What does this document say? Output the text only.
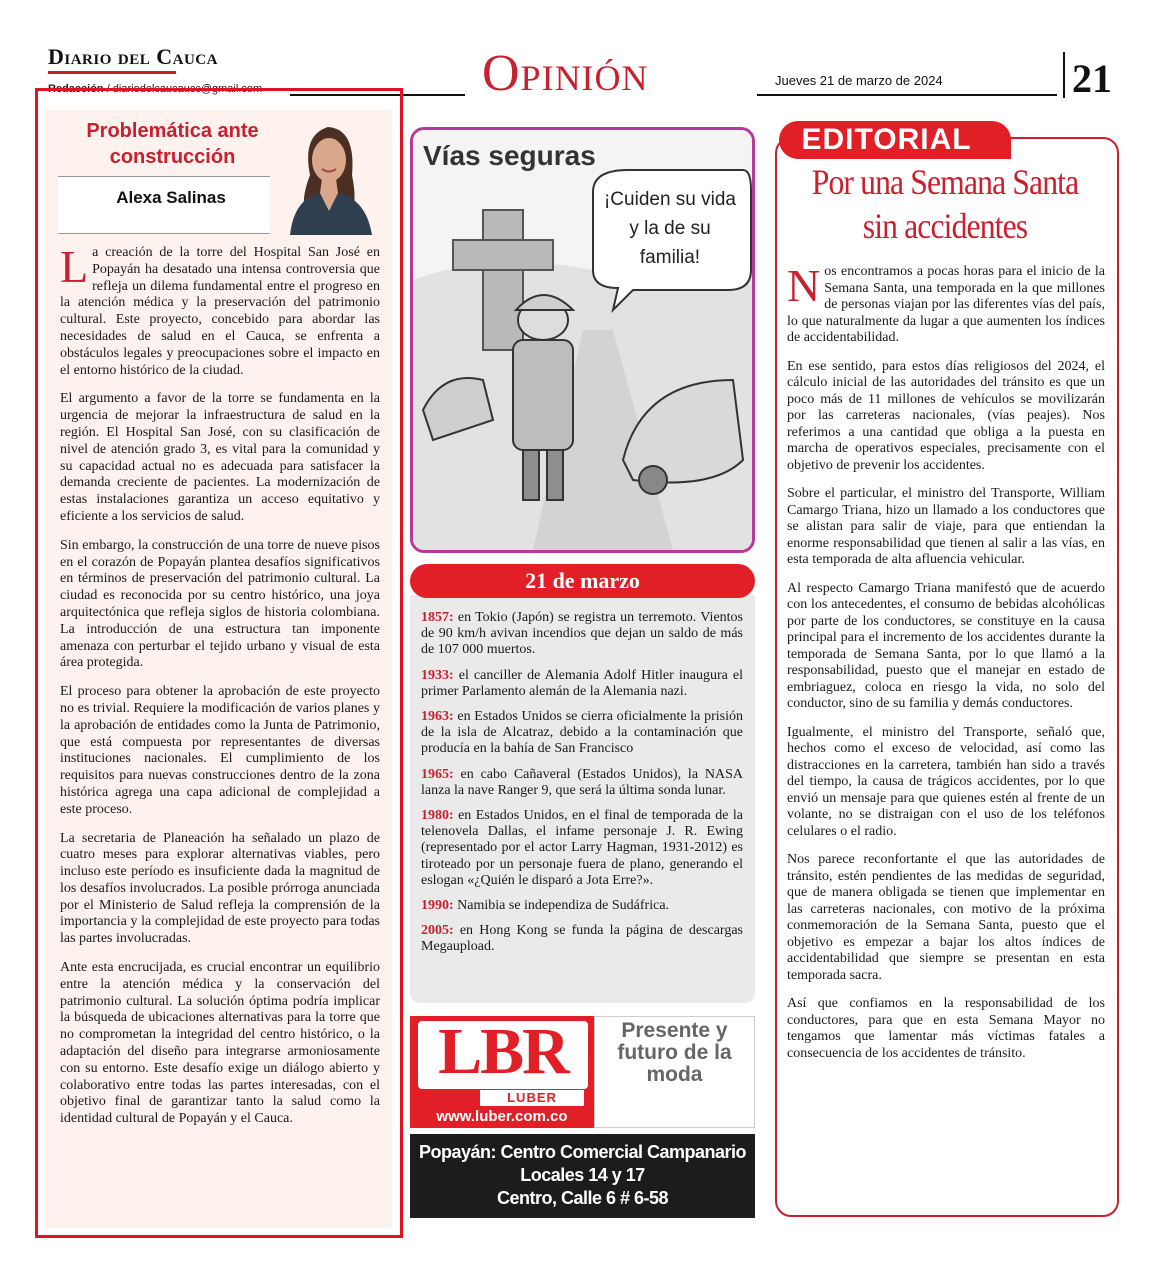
Diario del Cauca
Redacción / diariodelcaucaucc@gmail.com	Opinión	Jueves 21 de marzo de 2024	21
Problemática ante construcción
Alexa Salinas

La creación de la torre del Hospital San José en Popayán ha desatado una intensa controversia que refleja un dilema fundamental entre el progreso en la atención médica y la preservación del patrimonio cultural. Este proyecto, concebido para abordar las necesidades de salud en el Cauca, se enfrenta a obstáculos legales y preocupaciones sobre el impacto en el entorno histórico de la ciudad.

El argumento a favor de la torre se fundamenta en la urgencia de mejorar la infraestructura de salud en la región. El Hospital San José, con su clasificación de nivel de atención grado 3, es vital para la comunidad y su capacidad actual no es adecuada para satisfacer la demanda creciente de pacientes. La modernización de estas instalaciones garantiza un acceso equitativo y eficiente a los servicios de salud.

Sin embargo, la construcción de una torre de nueve pisos en el corazón de Popayán plantea desafíos significativos en términos de preservación del patrimonio cultural. La ciudad es reconocida por su centro histórico, una joya arquitectónica que refleja siglos de historia colombiana. La introducción de una estructura tan imponente amenaza con perturbar el tejido urbano y visual de esta área protegida.

El proceso para obtener la aprobación de este proyecto no es trivial. Requiere la modificación de varios planes y la aprobación de entidades como la Junta de Patrimonio, que está compuesta por representantes de diversas instituciones nacionales. El cumplimiento de los requisitos para nuevas construcciones dentro de la zona histórica agrega una capa adicional de complejidad a este proceso.

La secretaria de Planeación ha señalado un plazo de cuatro meses para explorar alternativas viables, pero incluso este período es insuficiente dada la magnitud de los desafíos involucrados. La posible prórroga anunciada por el Ministerio de Salud refleja la comprensión de la importancia y la complejidad de este proyecto para todas las partes involucradas.

Ante esta encrucijada, es crucial encontrar un equilibrio entre la atención médica y la conservación del patrimonio cultural. La solución óptima podría implicar la búsqueda de ubicaciones alternativas para la torre que no comprometan la integridad del centro histórico, o la adaptación del diseño para integrarse armoniosamente con su entorno. Este desafío exige un diálogo abierto y colaborativo entre todas las partes interesadas, con el objetivo final de garantizar tanto la salud como la identidad cultural de Popayán y el Cauca.

Vías seguras
¡Cuiden su vida y la de su familia!
21 de marzo

1857: en Tokio (Japón) se registra un terremoto. Vientos de 90 km/h avivan incendios que dejan un saldo de más de 107 000 muertos.

1933: el canciller de Alemania Adolf Hitler inaugura el primer Parlamento alemán de la Alemania nazi.

1963: en Estados Unidos se cierra oficialmente la prisión de la isla de Alcatraz, debido a la contaminación que producía en la bahía de San Francisco

1965: en cabo Cañaveral (Estados Unidos), la NASA lanza la nave Ranger 9, que será la última sonda lunar.

1980: en Estados Unidos, en el final de temporada de la telenovela Dallas, el infame personaje J. R. Ewing (representado por el actor Larry Hagman, 1931-2012) es tiroteado por un personaje fuera de plano, generando el eslogan «¿Quién le disparó a Jota Erre?».

1990: Namibia se independiza de Sudáfrica.

2005: en Hong Kong se funda la página de descargas Megaupload.

LBR
LUBER
www.luber.com.co
Presente y futuro de la moda
Popayán: Centro Comercial Campanario
Locales 14 y 17
Centro, Calle 6 # 6-58
EDITORIAL
Por una Semana Santa sin accidentes

Nos encontramos a pocas horas para el inicio de la Semana Santa, una temporada en la que millones de personas viajan por las diferentes vías del país, lo que naturalmente da lugar a que aumenten los índices de accidentabilidad.

En ese sentido, para estos días religiosos del 2024, el cálculo inicial de las autoridades del tránsito es que un poco más de 11 millones de vehículos se movilizarán por las carreteras nacionales, (vías peajes). Nos referimos a una cantidad que obliga a la puesta en marcha de operativos especiales, precisamente con el objetivo de prevenir los accidentes.

Sobre el particular, el ministro del Transporte, William Camargo Triana, hizo un llamado a los conductores que se alistan para salir de viaje, para que entiendan la enorme responsabilidad que tienen al salir a las vías, en esta temporada de alta afluencia vehicular.

Al respecto Camargo Triana manifestó que de acuerdo con los antecedentes, el consumo de bebidas alcohólicas por parte de los conductores, se constituye en la causa principal para el incremento de los accidentes durante la temporada de Semana Santa, por lo que llamó a la responsabilidad, puesto que el manejar en estado de embriaguez, coloca en riesgo la vida, no solo del conductor, sino de su familia y demás conductores.

Igualmente, el ministro del Transporte, señaló que, hechos como el exceso de velocidad, así como las distracciones en la carretera, también han sido a través del tiempo, la causa de trágicos accidentes, por lo que envió un mensaje para que quienes estén al frente de un volante, no se distraigan con el uso de los teléfonos celulares o el radio.

Nos parece reconfortante el que las autoridades de tránsito, estén pendientes de las medidas de seguridad, que de manera obligada se tienen que implementar en las carreteras nacionales, con motivo de la próxima conmemoración de la Semana Santa, puesto que el objetivo es empezar a bajar los altos índices de accidentabilidad que siempre se presentan en esta temporada sacra.

Así que confiamos en la responsabilidad de los conductores, para que en esta Semana Mayor no tengamos que lamentar más víctimas fatales a consecuencia de los accidentes de tránsito.
